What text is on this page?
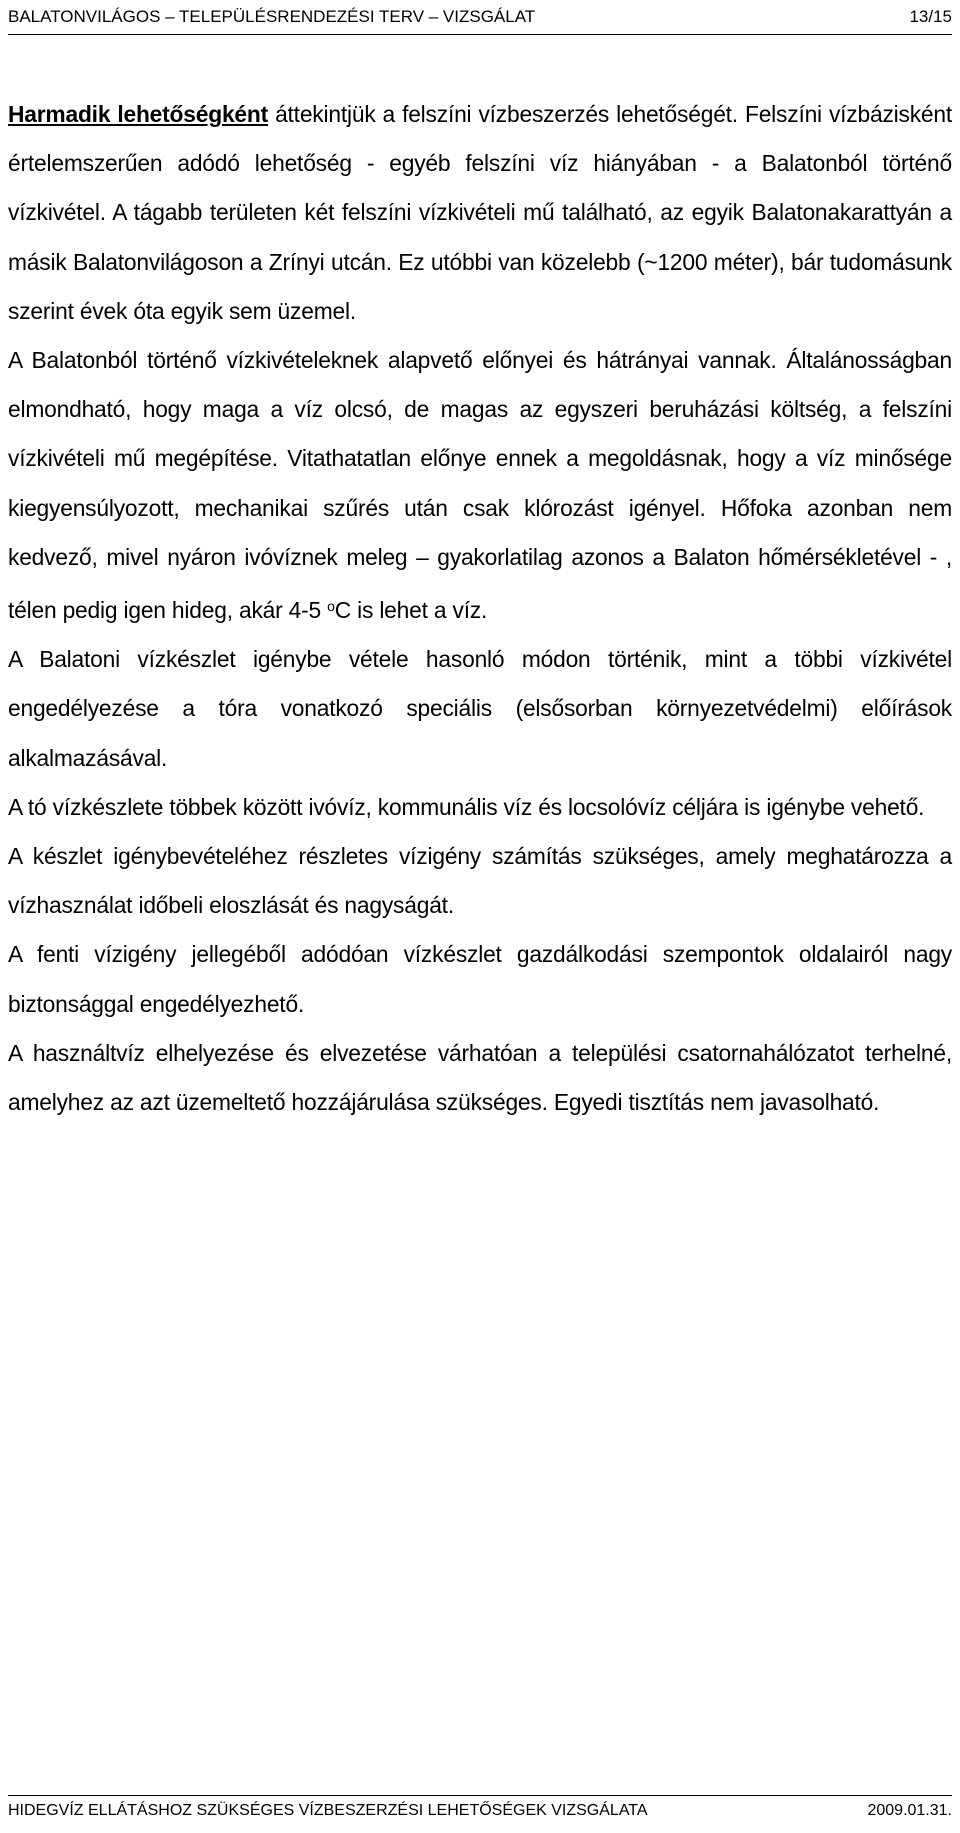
BALATONVILÁGOS – TELEPÜLÉSRENDEZÉSI TERV – VIZSGÁLAT	13/15

Harmadik lehetőségként áttekintjük a felszíni vízbeszerzés lehetőségét. Felszíni vízbázisként értelemszerűen adódó lehetőség - egyéb felszíni víz hiányában - a Balatonból történő vízkivétel. A tágabb területen két felszíni vízkivételi mű található, az egyik Balatonakarattyán a másik Balatonvilágoson a Zrínyi utcán. Ez utóbbi van közelebb (~1200 méter), bár tudomásunk szerint évek óta egyik sem üzemel.

A Balatonból történő vízkivételeknek alapvető előnyei és hátrányai vannak. Általánosságban elmondható, hogy maga a víz olcsó, de magas az egyszeri beruházási költség, a felszíni vízkivételi mű megépítése. Vitathatatlan előnye ennek a megoldásnak, hogy a víz minősége kiegyensúlyozott, mechanikai szűrés után csak klórozást igényel. Hőfoka azonban nem kedvező, mivel nyáron ivóvíznek meleg – gyakorlatilag azonos a Balaton hőmérsékletével - , télen pedig igen hideg, akár 4-5 $^o$C is lehet a víz.

A Balatoni vízkészlet igénybe vétele hasonló módon történik, mint a többi vízkivétel engedélyezése a tóra vonatkozó speciális (elsősorban környezetvédelmi) előírások alkalmazásával.

A tó vízkészlete többek között ivóvíz, kommunális víz és locsolóvíz céljára is igénybe vehető.

A készlet igénybevételéhez részletes vízigény számítás szükséges, amely meghatározza a vízhasználat időbeli eloszlását és nagyságát.

A fenti vízigény jellegéből adódóan vízkészlet gazdálkodási szempontok oldalairól nagy biztonsággal engedélyezhető.

A használtvíz elhelyezése és elvezetése várhatóan a települési csatornahálózatot terhelné, amelyhez az azt üzemeltető hozzájárulása szükséges. Egyedi tisztítás nem javasolható.

HIDEGVÍZ ELLÁTÁSHOZ SZÜKSÉGES VÍZBESZERZÉSI LEHETŐSÉGEK VIZSGÁLATA	2009.01.31.
